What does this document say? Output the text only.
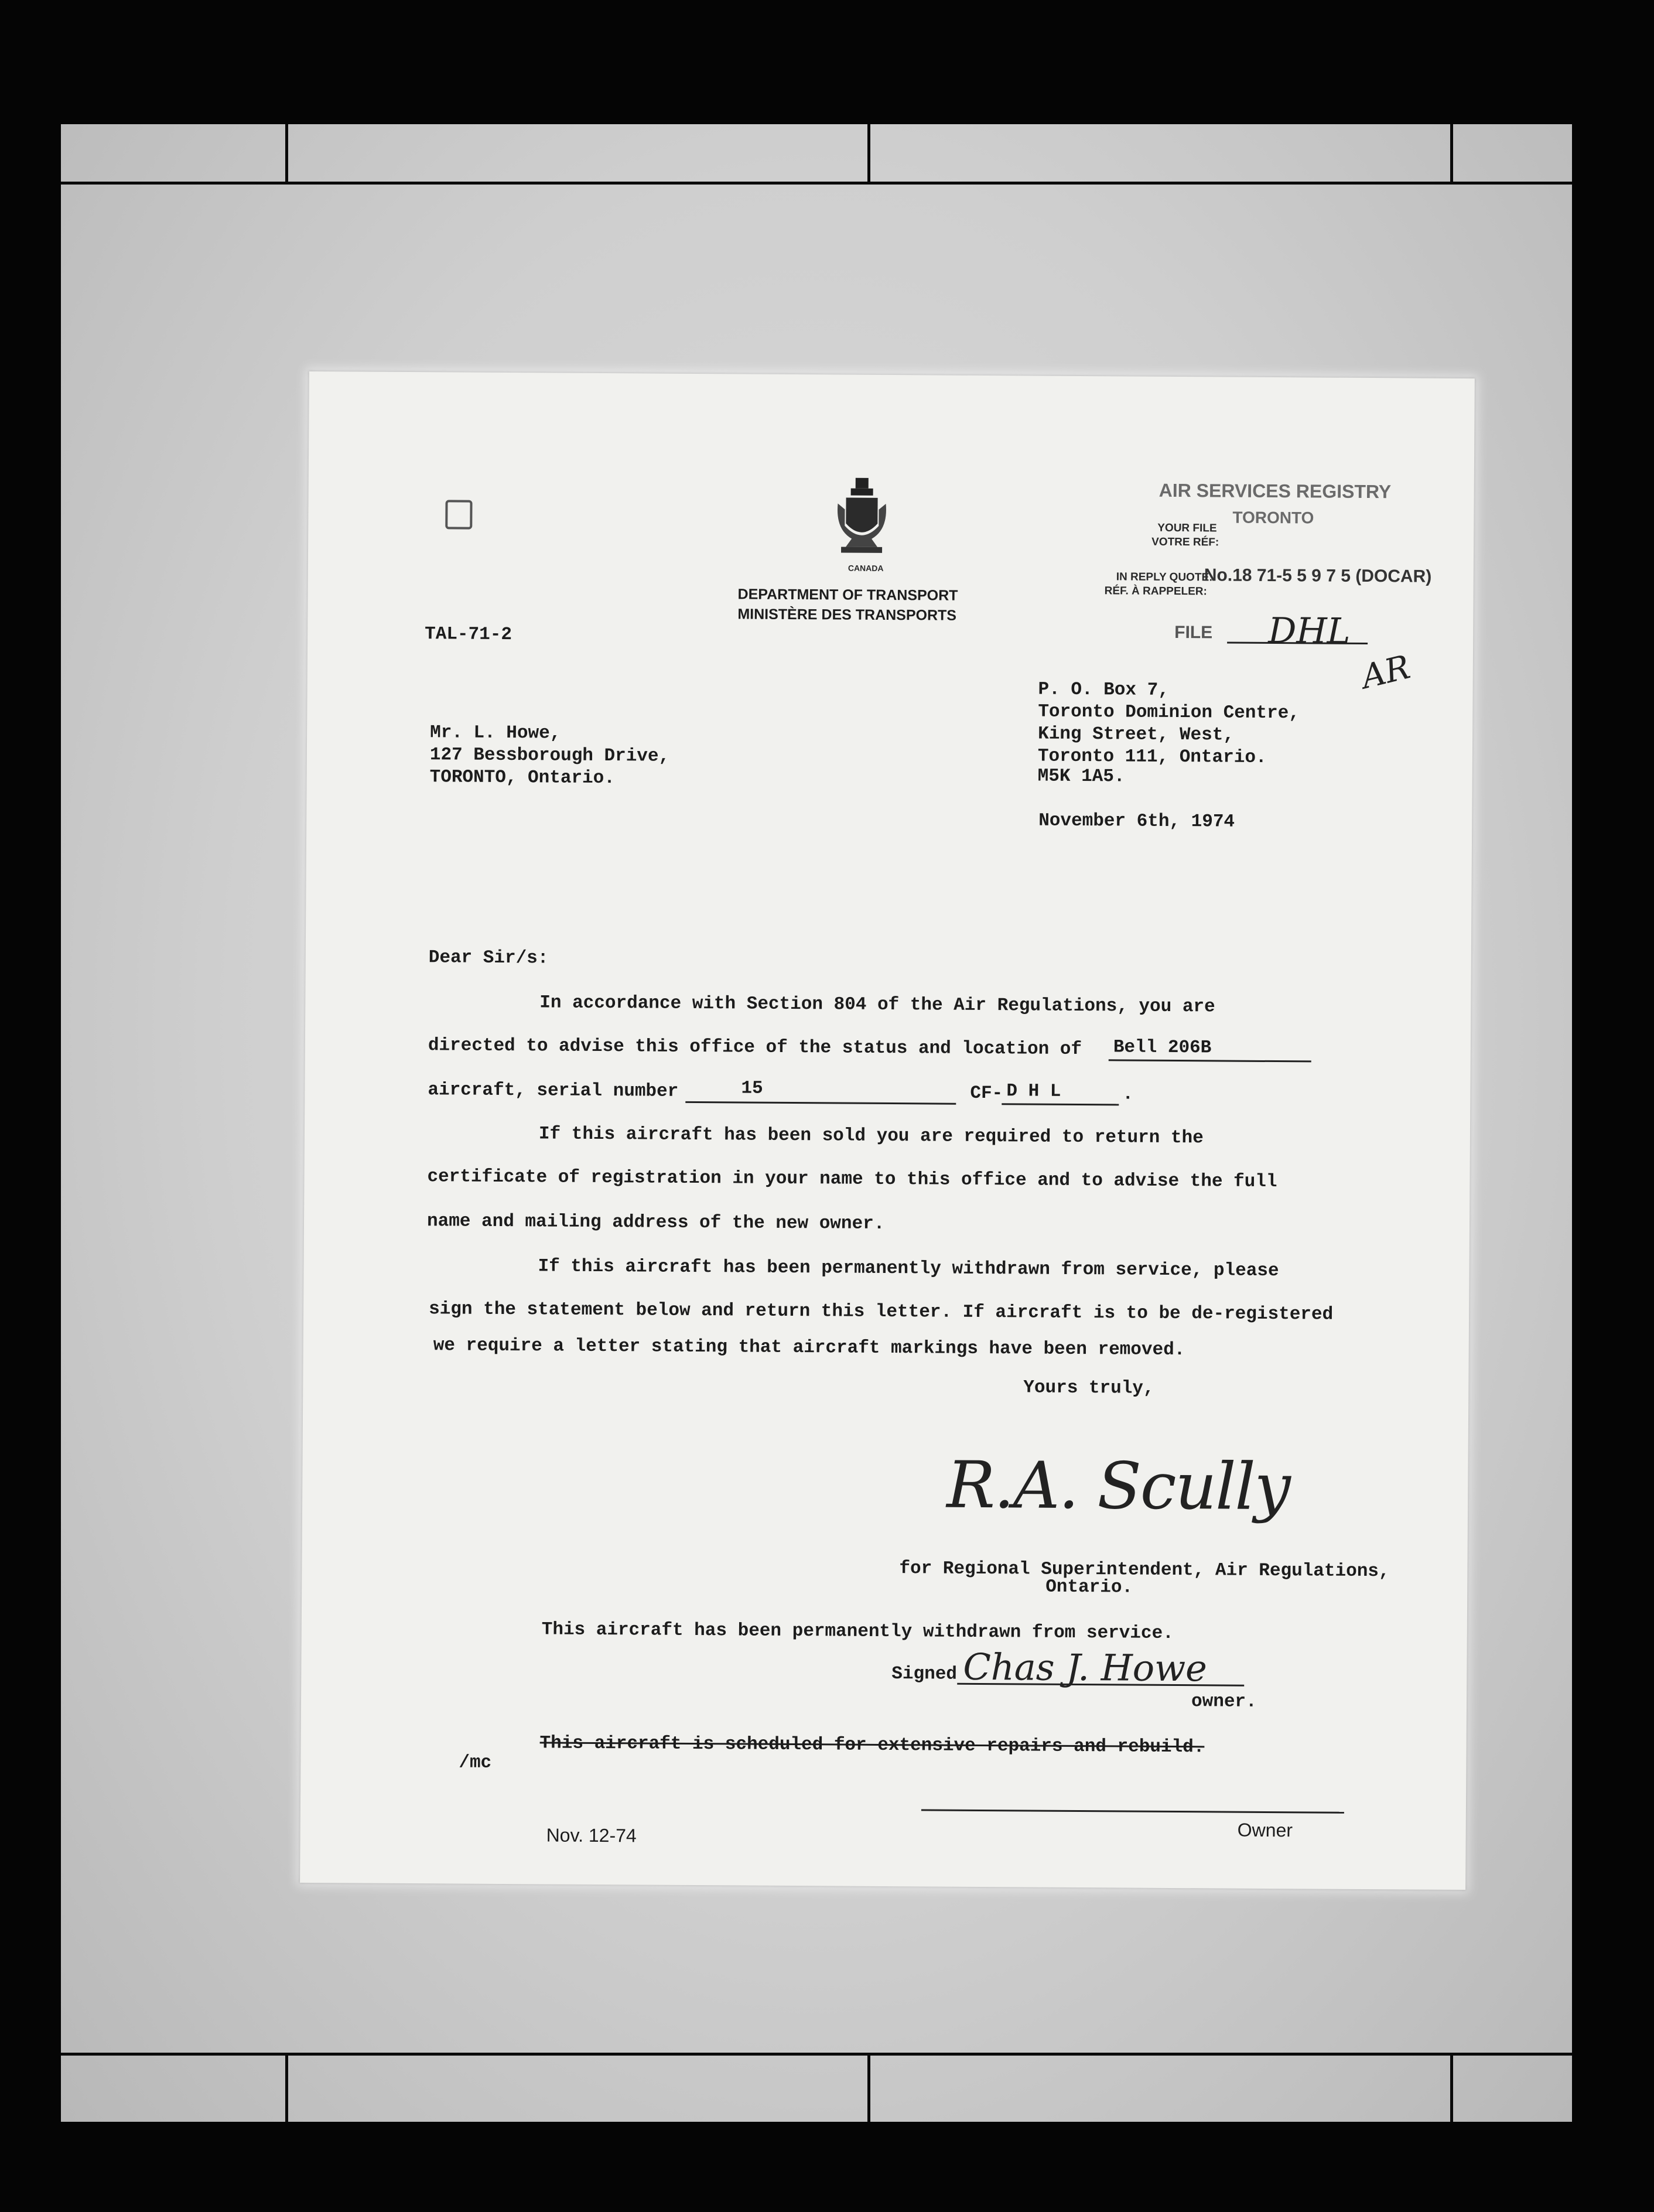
AIR SERVICES REGISTRY
TORONTO
YOUR FILE
VOTRE RÉF:
IN REPLY QUOTE:
RÉF. À RAPPELER:
No.18 71-5 5 9 7 5 (DOCAR)
FILE DHL
AR
CANADA
DEPARTMENT OF TRANSPORT
MINISTÈRE DES TRANSPORTS
TAL-71-2
P. O. Box 7,
Toronto Dominion Centre,
King Street, West,
Toronto 111, Ontario.
M5K 1A5.
Mr. L. Howe,
127 Bessborough Drive,
TORONTO, Ontario.
November 6th, 1974
Dear Sir/s:
In accordance with Section 804 of the Air Regulations, you are
directed to advise this office of the status and location of Bell 206B
aircraft, serial number	15	CF- D H L	.
If this aircraft has been sold you are required to return the
certificate of registration in your name to this office and to advise the full
name and mailing address of the new owner.
If this aircraft has been permanently withdrawn from service, please
sign the statement below and return this letter. If aircraft is to be de-registered
we require a letter stating that aircraft markings have been removed.
Yours truly,
R.A. Scully
for Regional Superintendent, Air Regulations,
Ontario.
This aircraft has been permanently withdrawn from service.
Signed Chas J. Howe
owner.
/mc
This aircraft is scheduled for extensive repairs and rebuild.
Nov. 12-74	Owner
